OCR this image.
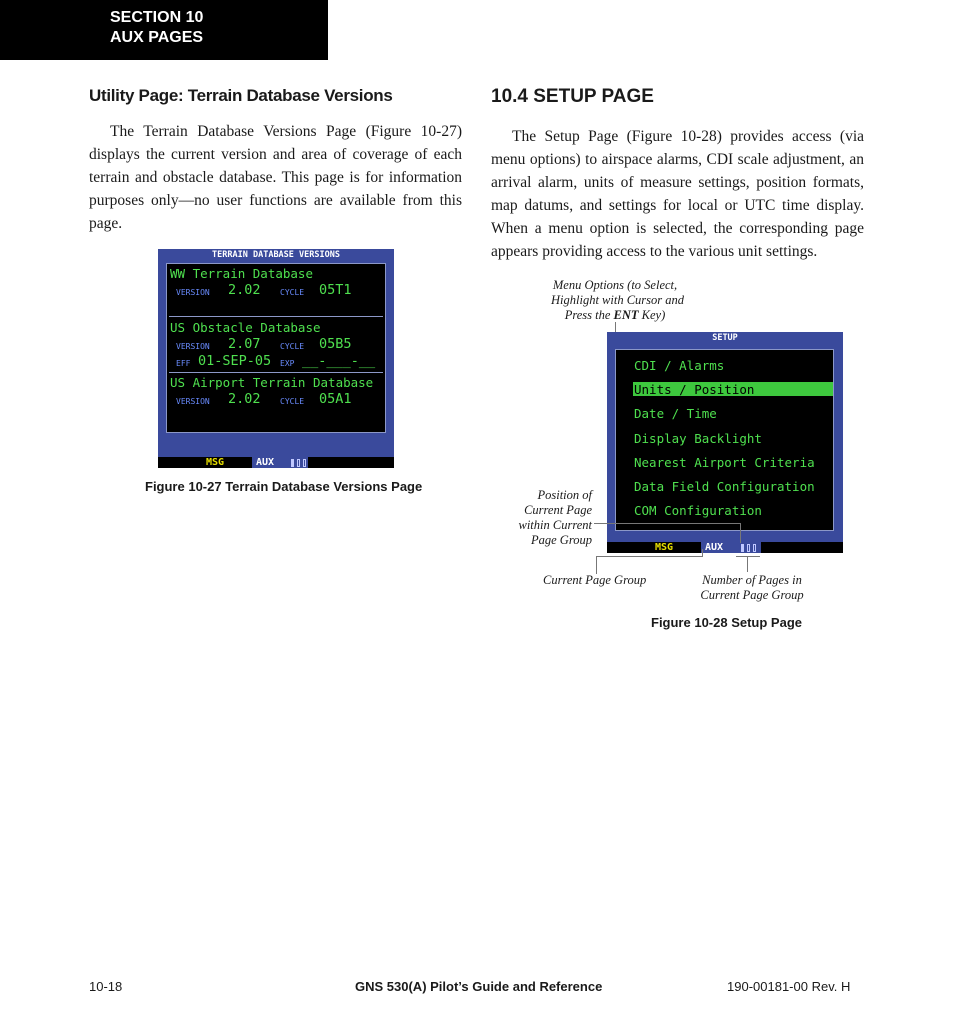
SECTION 10
AUX PAGES
Utility Page: Terrain Database Versions

The Terrain Database Versions Page (Figure 10-27) displays the current version and area of coverage of each terrain and obstacle database. This page is for information purposes only—no user functions are available from this page.

TERRAIN DATABASE VERSIONS
WW Terrain Database
VERSION 2.02 CYCLE 05T1
US Obstacle Database
VERSION 2.07 CYCLE 05B5
EFF 01-SEP-05 EXP __-___-__
US Airport Terrain Database
VERSION 2.02 CYCLE 05A1
MSG	AUX
Figure 10-27 Terrain Database Versions Page
10.4 SETUP PAGE

The Setup Page (Figure 10-28) provides access (via menu options) to airspace alarms, CDI scale adjustment, an arrival alarm, units of measure settings, position formats, map datums, and settings for local or UTC time display. When a menu option is selected, the corresponding page appears providing access to the various unit settings.

Menu Options (to Select,
Highlight with Cursor and
Press the ENT Key)
SETUP
CDI / Alarms
Units / Position
Date / Time
Display Backlight
Nearest Airport Criteria
Data Field Configuration
COM Configuration
MSG	AUX
Position of
Current Page
within Current
Page Group
Current Page Group	Number of Pages in
Current Page Group
Figure 10-28 Setup Page
10-18	GNS 530(A) Pilot’s Guide and Reference	190-00181-00 Rev. H
